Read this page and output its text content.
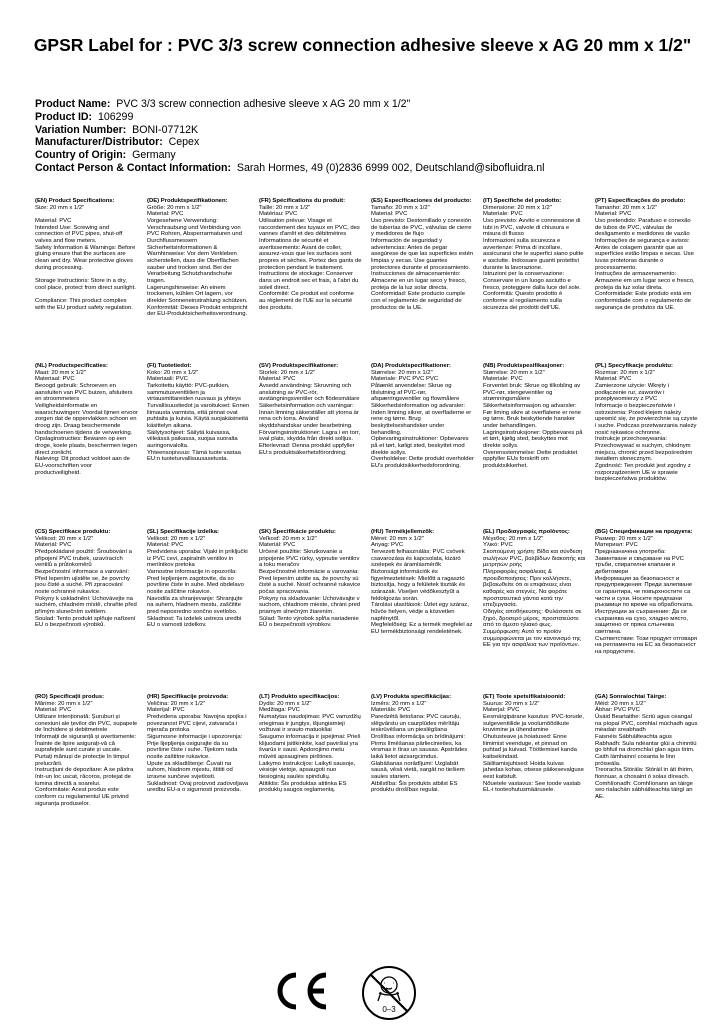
GPSR Label for : PVC 3/3 screw connection adhesive sleeve x AG 20 mm x 1/2"
Product Name: PVC 3/3 screw connection adhesive sleeve x AG 20 mm x 1/2"
Product ID: 106299
Variation Number: BONI-07712K
Manufacturer/Distributor: Cepex
Country of Origin: Germany
Contact Person & Contact Information: Sarah Hormes, 49 (0)2836 6999 002, Deutschland@sibofluidra.nl
(EN) Product Specifications:
Size: 20 mm x 1/2"

Material: PVC
Intended Use: Screwing and connection of PVC pipes, shut-off valves and flow meters.
Safety Information & Warnings: Before gluing ensure that the surfaces are clean and dry. Wear protective gloves during processing.

Storage Instructions: Store in a dry, cool place, protect from direct sunlight.

Compliance: This product complies with the EU product safety regulation.
(DE) Produktspezifikationen:
Größe: 20 mm x 1/2"
Material: PVC
Vorgesehene Verwendung: Verschraubung und Verbindung von PVC Rohren, Absperrarmaturen und Durchflussmessern
Sicherheitsinformationen & Warnhinweise: Vor dem Verkleben sicherstellen, dass die Oberflächen sauber und trocken sind. Bei der Verarbeitung Schutzhandschuhe tragen.
Lagerungshinweise: An einem trockenen, kühlen Ort lagern, vor direkter Sonneneinstrahlung schützen.
Konformität: Dieses Produkt entspricht der EU-Produktsicherheitsverordnung.
(FR) Spécifications du produit:
Taille: 20 mm x 1/2"
Matériau: PVC
Utilisation prévue: Visage et raccordement des tuyaux en PVC, des vannes d'arrêt et des débitmètres
Informations de sécurité et avertissements: Avant de coller, assurez-vous que les surfaces sont propres et sèches. Portez des gants de protection pendant le traitement.
Instructions de stockage: Conserver dans un endroit sec et frais, à l'abri du soleil direct.
Conformité: Ce produit est conforme au règlement de l'UE sur la sécurité des produits.
(ES) Especificaciones del producto:
Tamaño: 20 mm x 1/2"
Material: PVC
Uso previsto: Destornillado y conexión de tuberías de PVC, válvulas de cierre y medidores de flujo
Información de seguridad y advertencias: Antes de pegar asegúrese de que las superficies estén limpias y secas. Use guantes protectores durante el procesamiento.
Instrucciones de almacenamiento: Almacene en un lugar seco y fresco, proteja de la luz solar directa.
Conformidad: Este producto cumple con el reglamento de seguridad de productos de la UE.
(IT) Specifiche del prodotto:
Dimensione: 20 mm x 1/2"
Materiale: PVC
Uso previsto: Avvito e connessione di tubi in PVC, valvole di chiusura e misura di flusso
Informazioni sulla sicurezza e avvertenze: Prima di incollare, assicurarsi che le superfici siano pulite e asciutte. Indossare guanti protettivi durante la lavorazione.
Istruzioni per la conservazione: Conservare in un luogo asciutto e fresco, proteggere dalla luce del sole.
Conformità: Questo prodotto è conforme al regolamento sulla sicurezza dei prodotti dell'UE.
(PT) Especificações do produto:
Tamanho: 20 mm x 1/2"
Material: PVC
Uso pretendido: Parafuso e conexão de tubos de PVC, válvulas de desligamento e medidores de vazão
Informações de segurança e avisos: Antes de colagem garantir que as superfícies estão limpas e secas. Use luvas protetoras durante o processamento.
Instruções de armazenamento: Armazene em um lugar seco e fresco, proteja da luz solar direta.
Conformidade: Este produto está em conformidade com o regulamento de segurança de produtos da UE.
(NL) Productspecificaties:
Maat: 20 mm x 1/2"
Materiaal: PVC
Beoogd gebruik: Schroeven en aansluiten van PVC buizen, afsluiters en stroommeters
Veiligheidsinformatie en waarschuwingen: Voordat lijmen ervoor zorgen dat de oppervlakken schoon en droog zijn. Draag beschermende handschoenen tijdens de verwerking.
Opslaginstructies: Bewaren op een droge, koele plaats, beschermen tegen direct zonlicht.
Naleving: Dit product voldoet aan de EU-voorschriften voor productveiligheid.
(FI) Tuotetiedot:
Koko: 20 mm x 1/2"
Materiaali: PVC
Tarkoitettu käyttö: PVC-putkien, sammutusventtiilien ja virtausmittareiden ruuvaus ja yhteys
Turvallisuustiedot ja varoitukset: Ennen liimausta varmista, että pinnat ovat puhtaita ja kuivia. Käytä suojakäsineitä käsittelyn aikana.
Säilytysohjeet: Säilytä kuivassa, viileässä paikassa, suojaa suoralta auringonvalolta.
Yhteensopivuus: Tämä tuote vastaa EU:n tuoteturvallisuusasetusta.
(SV) Produktspecifikationer:
Storlek: 20 mm x 1/2"
Material: PVC
Avsedd användning: Skruvning och anslutning av PVC-rör, avstängningsventiler och flödesmätare
Säkerhetsinformation och varningar: Innan limning säkerställer att ytorna är rena och torra. Använd skyddshandskar under bearbetning.
Förvaringsinstruktioner: Lagra i en torr, sval plats, skydda från direkt solljus.
Efterlevnad: Denna produkt uppfyller EU:s produktsäkerhetsförordning.
(DA) Produktspecifikationer:
Størrelse: 20 mm x 1/2"
Materiale: PVC PVC PVC
Påtænkt anvendelse: Skrue og tilslutning af PVC-rør, afspærringsventiler og flowmålere
Sikkerhedsinformation og advarsler: Inden limning sikrer, at overfladerne er rene og tørre. Brug beskyttelseshandsker under behandling.
Opbevaringsinstruktioner: Opbevares på et tørt, køligt sted, beskyttet mod direkte sollys.
Overholdelse: Dette produkt overholder EU's produktsikkerhedsforordning.
(NB) Produktspesifikasjoner:
Størrelse: 20 mm x 1/2"
Materiale: PVC
Forventet bruk: Skrue og tilkobling av PVC-rør, stengeventiler og strømningsmålere
Sikkerhetsinformasjon og advarsler: Før liming sikre at overflatene er rene og tørre. Bruk beskyttende hansker under behandlingen.
Lagringsinstruksjoner: Oppbevares på et tørt, kjølig sted, beskyttes mot direkte sollys.
Overensstemmelse: Dette produktet oppfyller EUs forskrift om produktsikkerhet.
(PL) Specyfikacje produktu:
Rozmiar: 20 mm x 1/2"
Materiał: PVC
Zamierzone użycie: Wkręty i podłączenie rur, zaworów i przepływomierzy z PVC
Informacje o bezpieczeństwie i ostrzeżenia: Przed klejem należy upewnić się, że powierzchnie są czyste i suche. Podczas przetwarzania należy nosić rękawice ochronne.
Instrukcje przechowywania: Przechowywać w suchym, chłodnym miejscu, chronić przed bezpośrednim światłem słonecznym.
Zgodność: Ten produkt jest zgodny z rozporządzeniem UE w sprawie bezpieczeństwa produktów.
(CS) Specifikace produktu:
Velikost: 20 mm x 1/2"
Materiál: PVC
Předpokládané použití: Šroubování a připojení PVC trubek, uzavíracích ventilů a průtokoměrů
Bezpečnostní informace a varování: Před lepením ujistěte se, že povrchy jsou čisté a suché. Při zpracování noste ochranné rukavice.
Pokyny k uskladnění: Uchovávejte na suchém, chladném místě, chraňte před přímým slunečním světlem.
Soulad: Tento produkt splňuje nařízení EU o bezpečnosti výrobků.
(SL) Specifikacije izdelka:
Velikost: 20 mm x 1/2"
Material: PVC
Predvidena uporaba: Vijaki in priključki iz PVC cevi, zapiralnih ventilov in merilnikov pretoka
Varnostne informacije in opozorila: Pred lepljenjem zagotovite, da so površine čiste in suhe. Med obdelavo nosite zaščitne rokavice.
Navodila za shranjevanje: Shranjujte na suhem, hladnem mestu, zaščitite pred neposredno sončno svetlobo.
Skladnost: Ta izdelek ustreza uredbi EU o varnosti izdelkov.
(SK) Špecifikácie produktu:
Veľkosť: 20 mm x 1/2"
Materiál: PVC
Určené použitie: Skrutkovanie a pripojenie PVC rúrky, vypnutie ventilov a toku meračov
Bezpečnostné informácie a varovania: Pred lepením uistite sa, že povrchy sú čisté a suché. Nosiť ochranné rukavice počas spracovania.
Pokyny na skladovanie: Uchovávajte v suchom, chladnom mieste, chráni pred priamym slnečným žiarením.
Súlad: Tento výrobok spĺňa nariadenie EÚ o bezpečnosti výrobkov.
(HU) Termékjellemzők:
Méret: 20 mm x 1/2"
Anyag: PVC
Tervezett felhasználás: PVC csövek csavarozása és kapcsolata, kizáró szelepek és áramlásmérők
Biztonsági információk és figyelmeztetések: Mielőtt a ragasztó biztosítja, hogy a felületek tiszták és szárazak. Viseljen védőkesztyűt a feldolgozás során.
Tárolási utasítások: Üzlet egy száraz, hűvös helyen, védje a közvetlen napfénytől.
Megfelelőség: Ez a termék megfelel az EU termékbiztonsági rendeletének.
(EL) Προδιαγραφές προϊόντος:
Μέγεθος: 20 mm x 1/2"
Υλικό: PVC
Σκοπούμενη χρήση: Βίδα και σύνδεση σωλήνων PVC, βαλβίδων διακοπής και μετρητών ροής
Πληροφορίες ασφάλειας & προειδοποιήσεις: Πριν κολλήσετε, βεβαιωθείτε ότι οι επιφάνειες είναι καθαρές και στεγνές. Να φοράτε προστατευτικά γάντια κατά την επεξεργασία.
Οδηγίες αποθήκευσης: Φυλάσσετε σε ξηρό, δροσερό μέρος, προστατεύστε από το άμεσο ηλιακό φως.
Συμμόρφωση: Αυτό το προϊόν συμμορφώνεται με τον κανονισμό της ΕΕ για την ασφάλεια των προϊόντων.
(BG) Спецификации на продукта:
Размер: 20 mm x 1/2"
Материал: PVC
Предназначена употреба: Завинтване и свързване на PVC тръби, спирателни клапани и дебитомери
Информация за безопасност и предупреждения: Преди залепване се гарантира, че повърхностите са чисти и сухи. Носете предпазни ръкавици по време на обработката.
Инструкции за съхранение: Да се съхранява на сухо, хладно място, защитено от пряка слънчева светлина.
Съответствие: Този продукт отговаря на регламента на ЕС за безопасност на продуктите.
(RO) Specificații produs:
Mărime: 20 mm x 1/2"
Material: PVC
Utilizare intenționată: Șuruburi și conexiuni ale țevilor din PVC, supapele de închidere și debitmetrele
Informații de siguranță și avertismente: Înainte de lipire asigurați-vă că suprafețele sunt curate și uscate. Purtați mănuși de protecție în timpul prelucrării.
Instrucțiuni de depozitare: A se păstra într-un loc uscat, răcoros, protejat de lumina directă a soarelui.
Conformitate: Acest produs este conform cu regulamentul UE privind siguranța produselor.
(HR) Specifikacije proizvoda:
Veličina: 20 mm x 1/2"
Materijal: PVC
Predviđena uporaba: Navojna spojka i povezanost PVC cijevi, zatvarača i mjerača protoka
Sigurnosne informacije i upozorenja: Prije lijepljenja osigurajte da su površine čiste i suhe. Tijekom rada nosite zaštitne rukavice.
Upute za skladištenje: Čuvati na suhom, hladnom mjestu, štititi od izravne sunčeve svjetlosti.
Sukladnost: Ovaj proizvod zadovoljava uredbu EU-a o sigurnosti proizvoda.
(LT) Produkto specifikacijos:
Dydis: 20 mm x 1/2"
Medžiaga: PVC
Numatytas naudojimas: PVC vamzdžių sriegimas ir jungtys, išjungiamieji vožtuvai ir srauto matuokliai
Saugumo informacija ir įspėjimai: Prieš klijuodami įsitikinkite, kad paviršiai yra švarūs ir sausi. Apdorojimo metu mūvėti apsaugines pirštines.
Laikymo instrukcijos: Laikyti sausoje, vėsioje vietoje, apsaugoti nuo tiesioginių saulės spindulių.
Atitiktis: Šis produktas atitinka ES produktų saugos reglamentą.
(LV) Produkta specifikācijas:
Izmērs: 20 mm x 1/2"
Materiāls: PVC
Paredzētā lietošana: PVC cauruļu, slēgvārstu un caurplūdes mērītāju ieskrūvēšana un pieslēgšana
Drošības informācija un brīdinājumi: Pirms līmēšanas pārliecinieties, ka virsmas ir tīras un sausas. Apstrādes laikā lietot aizsargcimdus.
Glabāšanas norādījumi: Uzglabāt sausā, vēsā vietā, sargāt no tiešiem saules stariem.
Atbilstība: Šis produkts atbilst ES produktu drošības regulai.
(ET) Toote spetsifikatsioonid:
Suurus: 20 mm x 1/2"
Materjal: PVC
Eesmärgipärane kasutus: PVC-torude, sulgeventiilide ja voolumõõdikute kruvimine ja ühendamine
Ohutusteave ja hoiatused: Enne liimimist veenduge, et pinnad on puhtad ja kuivad. Töötlemisel kanda kaitsekindaid.
Säilitamisjuhised: Hoida kuivas jahedas kohas, otsese päikesevalguse eest kaitstult.
Nõuetele vastavus: See toode vastab EL-i tooteohutusmäärusele.
(GA) Sonraíochtaí Táirge:
Méid: 20 mm x 1/2"
Ábhar: PVC PVC
Úsáid Beartaithe: Scriú agus ceangal na píopaí PVC, comhlaí múchadh agus méadair sreabhadh
Faisnéis Sábháilteachta agus Rabhadh: Sula ndéantar glúi a chinntiú go bhfuil na dromchlaí glan agus tirim. Caith lámhainní cosanta le linn próiseála.
Treoracha Stórála: Stóráil in áit thirim, fionnuar, a chosaint ó solas díreach.
Comhlíonadh: Comhlíonann an táirge seo rialachán sábháilteachta táirgí an AE.
0–3
